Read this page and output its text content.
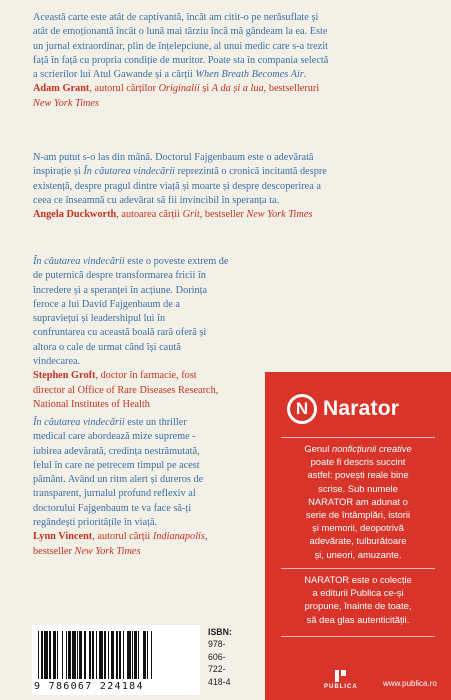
Această carte este atât de captivantă, încât am citit-o pe nerăsuflate și
atât de emoționantă încât o lună mai târziu încă mă gândeam la ea. Este
un jurnal extraordinar, plin de înțelepciune, al unui medic care s-a trezit
față în față cu propria condiție de muritor. Poate sta în compania selectă
a scrierilor lui Atul Gawande și a cărții When Breath Becomes Air.
Adam Grant, autorul cărților Originalii și A da și a lua, bestselleruri
New York Times
N-am putut s-o las din mână. Doctorul Fajgenbaum este o adevărată
inspirație și În căutarea vindecării reprezintă o cronică incitantă despre
existență, despre pragul dintre viață și moarte și despre descoperirea a
ceea ce înseamnă cu adevărat să fii invincibil în speranța ta.
Angela Duckworth, autoarea cărții Grit, bestseller New York Times
În căutarea vindecării este o poveste extrem de
de puternică despre transformarea fricii în
încredere și a speranței în acțiune. Dorința
feroce a lui David Fajgenbaum de a
supraviețui și leadershipul lui în
confruntarea cu această boală rară oferă și
altora o cale de urmat când își caută
vindecarea.
Stephen Groft, doctor în farmacie, fost
director al Office of Rare Diseases Research,
National Institutes of Health
În căutarea vindecării este un thriller
medical care abordează mize supreme -
iubirea adevărată, credința nestrămutată,
felul în care ne petrecem timpul pe acest
pământ. Având un ritm alert și dureros de
transparent, jurnalul profund reflexiv al
doctorului Fajgenbaum te va face să-ți
regândești prioritățile în viață.
Lynn Vincent, autorul cărții Indianapolis,
bestseller New York Times
9 786067 224184
ISBN:
978-
606-
722-
418-4
N Narator
Genul nonficțiunii creative
poate fi descris succint
astfel: povești reale bine
scrise. Sub numele
NARATOR am adunat o
serie de întâmplări, istorii
și memorii, deopotrivă
adevărate, tulburătoare
și, uneori, amuzante.
NARATOR este o colecție
a editurii Publica ce-și
propune, înainte de toate,
să dea glas autenticității.
PUBLICA	www.publica.ro
